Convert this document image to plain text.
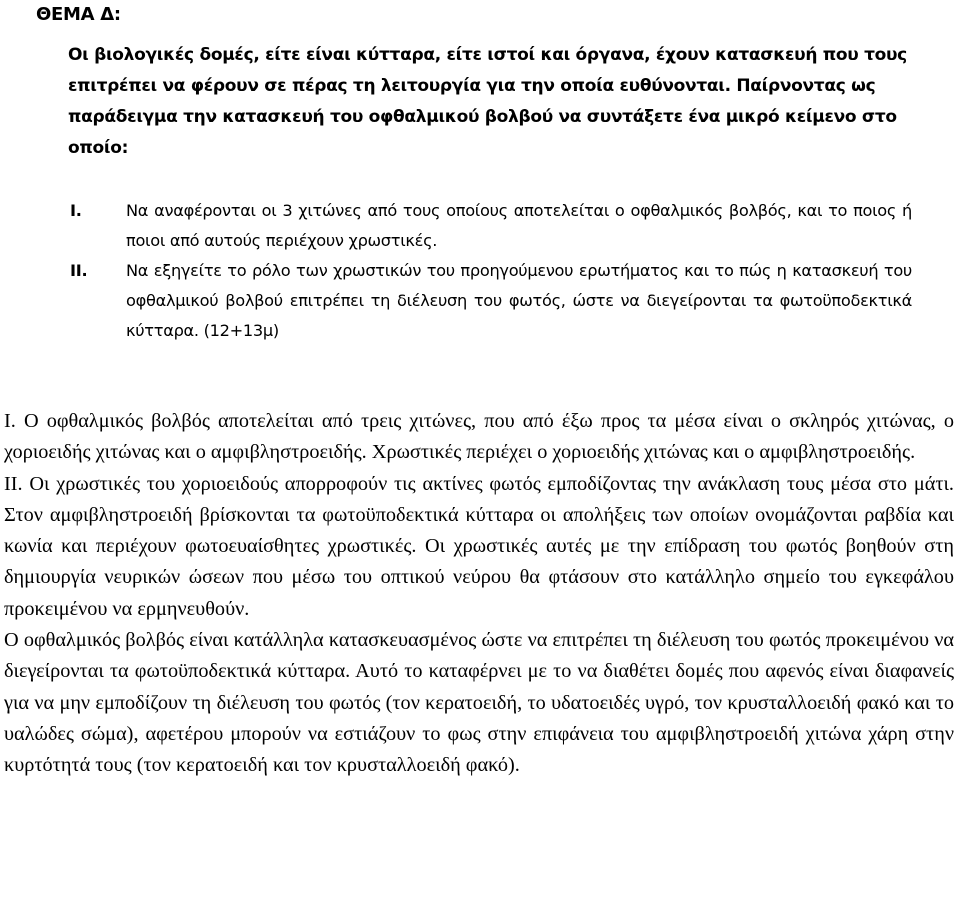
ΘΕΜΑ Δ:
Οι βιολογικές δομές, είτε είναι κύτταρα, είτε ιστοί και όργανα, έχουν κατασκευή που τους επιτρέπει να φέρουν σε πέρας τη λειτουργία για την οποία ευθύνονται. Παίρνοντας ως παράδειγμα την κατασκευή του οφθαλμικού βολβού να συντάξετε ένα μικρό κείμενο στο οποίο:
I.	Να αναφέρονται οι 3 χιτώνες από τους οποίους αποτελείται ο οφθαλμικός βολβός, και το ποιος ή ποιοι από αυτούς περιέχουν χρωστικές.
II. Να εξηγείτε το ρόλο των χρωστικών του προηγούμενου ερωτήματος και το πώς η κατασκευή του οφθαλμικού βολβού επιτρέπει τη διέλευση του φωτός, ώστε να διεγείρονται τα φωτοϋποδεκτικά κύτταρα. (12+13μ)

I. Ο οφθαλμικός βολβός αποτελείται από τρεις χιτώνες, που από έξω προς τα μέσα είναι ο σκληρός χιτώνας, ο χοριοειδής χιτώνας και ο αμφιβληστροειδής. Χρωστικές περιέχει ο χοριοειδής χιτώνας και ο αμφιβληστροειδής.

II. Οι χρωστικές του χοριοειδούς απορροφούν τις ακτίνες φωτός εμποδίζοντας την ανάκλαση τους μέσα στο μάτι. Στον αμφιβληστροειδή βρίσκονται τα φωτοϋποδεκτικά κύτταρα οι απολήξεις των οποίων ονομάζονται ραβδία και κωνία και περιέχουν φωτοευαίσθητες χρωστικές. Οι χρωστικές αυτές με την επίδραση του φωτός βοηθούν στη δημιουργία νευρικών ώσεων που μέσω του οπτικού νεύρου θα φτάσουν στο κατάλληλο σημείο του εγκεφάλου προκειμένου να ερμηνευθούν.

Ο οφθαλμικός βολβός είναι κατάλληλα κατασκευασμένος ώστε να επιτρέπει τη διέλευση του φωτός προκειμένου να διεγείρονται τα φωτοϋποδεκτικά κύτταρα. Αυτό το καταφέρνει με το να διαθέτει δομές που αφενός είναι διαφανείς για να μην εμποδίζουν τη διέλευση του φωτός (τον κερατοειδή, το υδατοειδές υγρό, τον κρυσταλλοειδή φακό και το υαλώδες σώμα), αφετέρου μπορούν να εστιάζουν το φως στην επιφάνεια του αμφιβληστροειδή χιτώνα χάρη στην κυρτότητά τους (τον κερατοειδή και τον κρυσταλλοειδή φακό).
